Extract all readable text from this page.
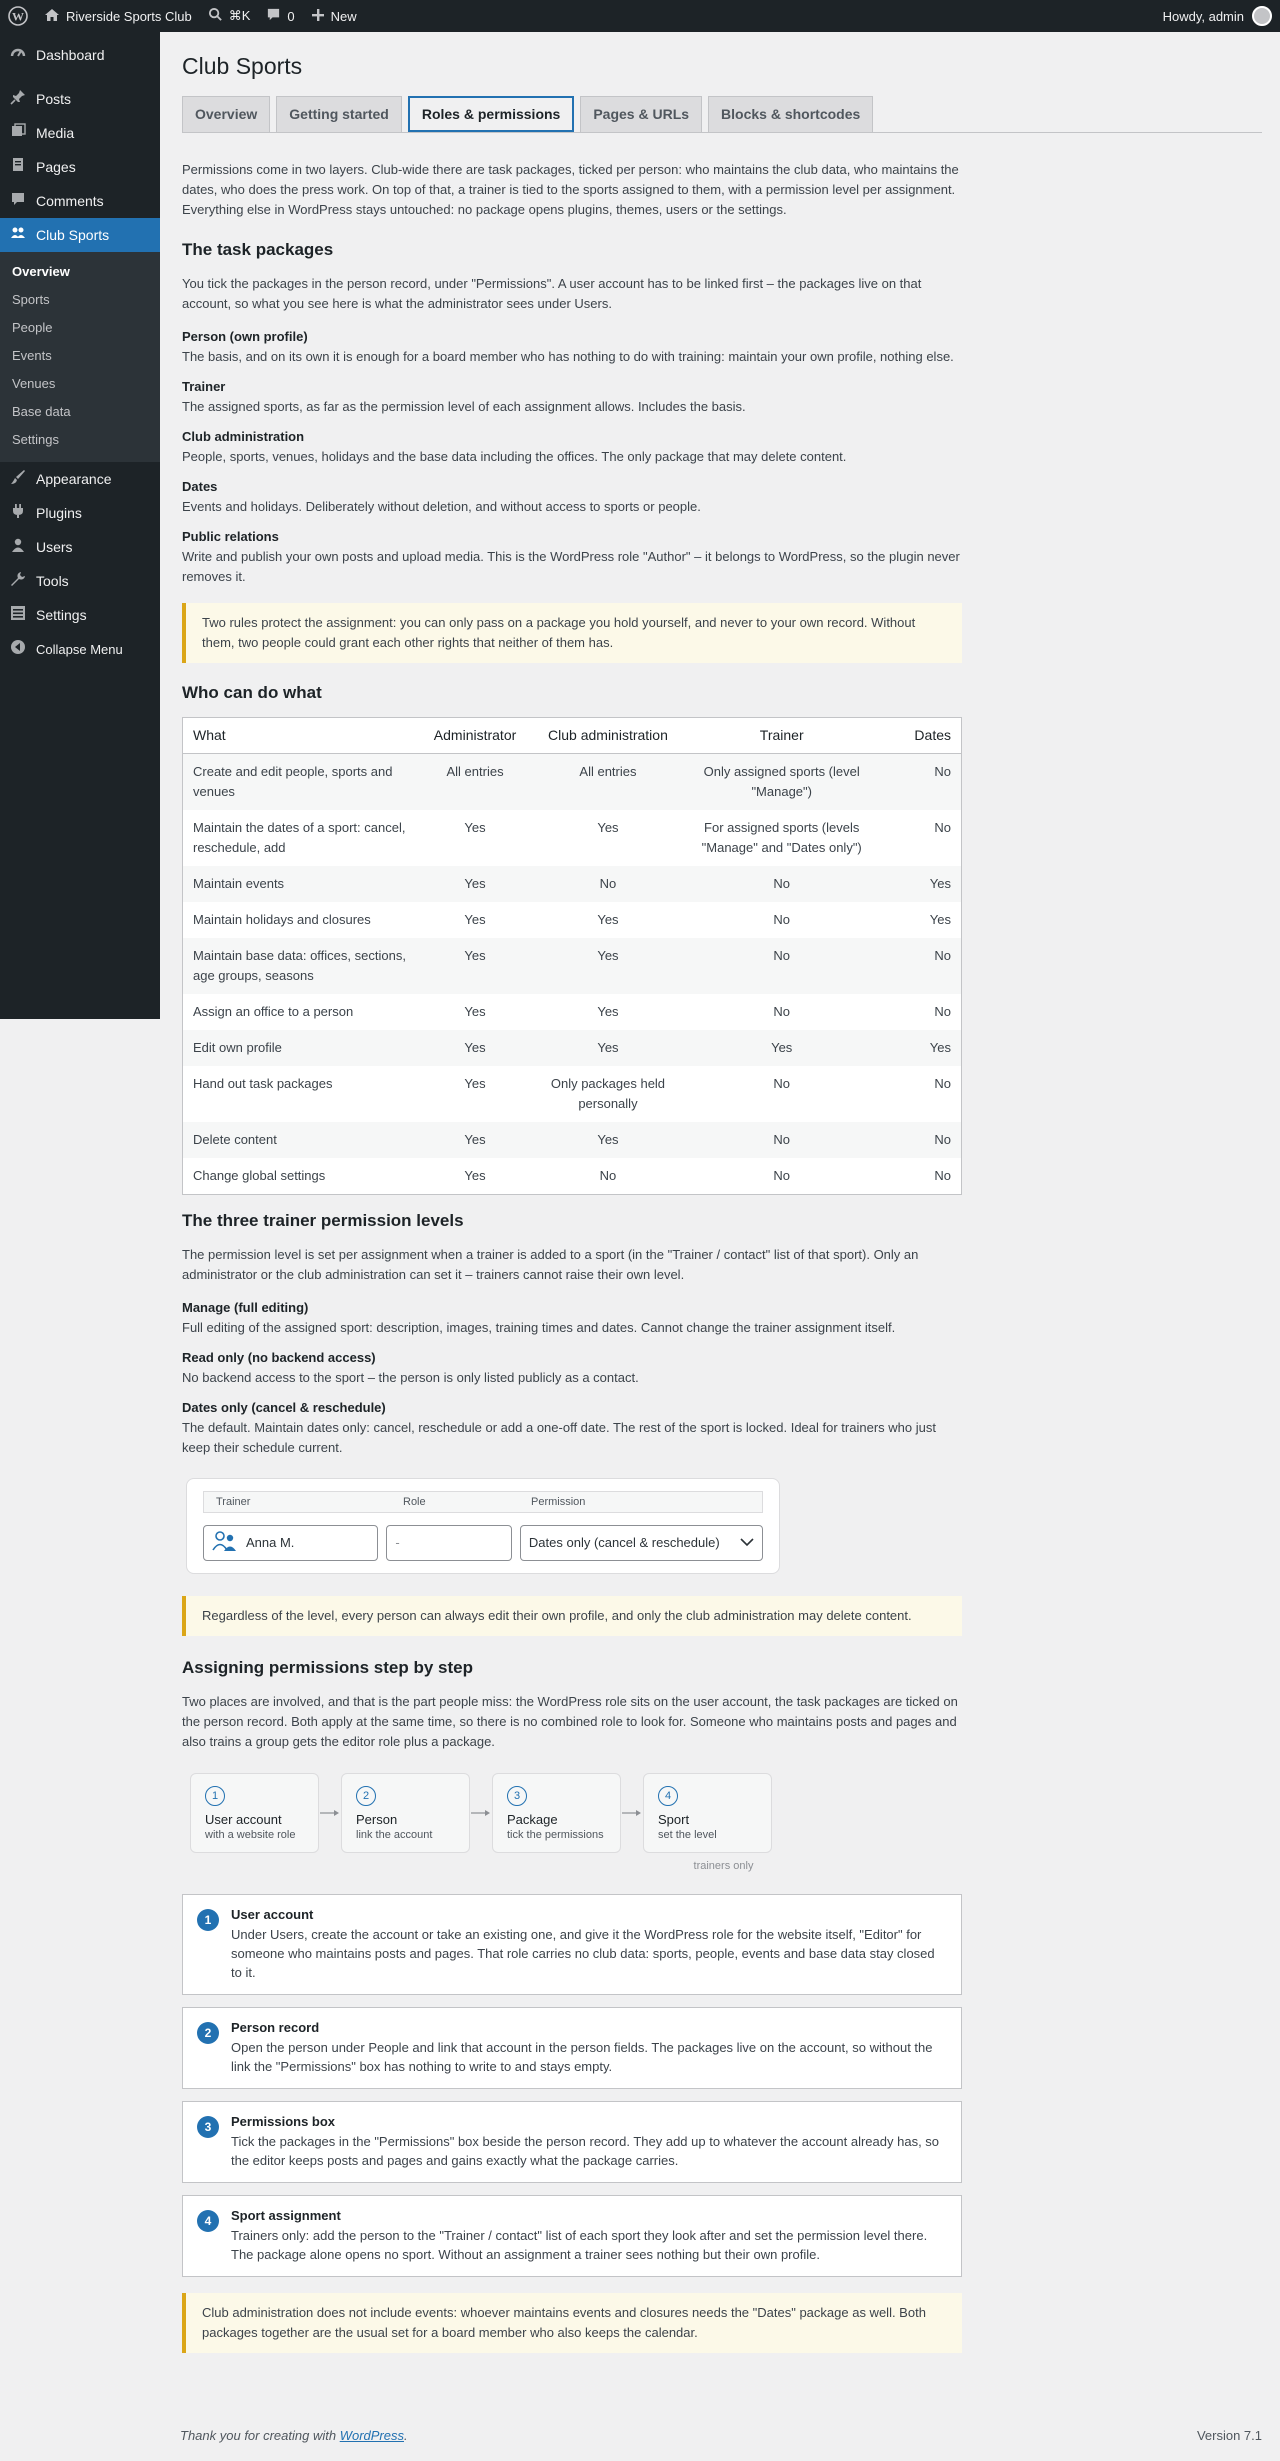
W	Riverside Sports Club	⌘K	0	New	Howdy, admin
Dashboard
Posts
Media
Pages
Comments
Club Sports
Overview
Sports
People
Events
Venues
Base data
Settings
Appearance
Plugins
Users
Tools
Settings
Collapse Menu
Club Sports
Overview	Getting started	Roles & permissions	Pages & URLs	Blocks & shortcodes

Permissions come in two layers. Club-wide there are task packages, ticked per person: who maintains the club data, who maintains the dates, who does the press work. On top of that, a trainer is tied to the sports assigned to them, with a permission level per assignment. Everything else in WordPress stays untouched: no package opens plugins, themes, users or the settings.

The task packages

You tick the packages in the person record, under "Permissions". A user account has to be linked first – the packages live on that account, so what you see here is what the administrator sees under Users.

Person (own profile)

The basis, and on its own it is enough for a board member who has nothing to do with training: maintain your own profile, nothing else.

Trainer

The assigned sports, as far as the permission level of each assignment allows. Includes the basis.

Club administration

People, sports, venues, holidays and the base data including the offices. The only package that may delete content.

Dates

Events and holidays. Deliberately without deletion, and without access to sports or people.

Public relations

Write and publish your own posts and upload media. This is the WordPress role "Author" – it belongs to WordPress, so the plugin never removes it.

Two rules protect the assignment: you can only pass on a package you hold yourself, and never to your own record. Without them, two people could grant each other rights that neither of them has.
Who can do what
What	Administrator	Club administration	Trainer	Dates
Create and edit people, sports and venues	All entries	All entries	Only assigned sports (level "Manage")	No
Maintain the dates of a sport: cancel, reschedule, add	Yes	Yes	For assigned sports (levels "Manage" and "Dates only")	No
Maintain events	Yes	No	No	Yes
Maintain holidays and closures	Yes	Yes	No	Yes
Maintain base data: offices, sections, age groups, seasons	Yes	Yes	No	No
Assign an office to a person	Yes	Yes	No	No
Edit own profile	Yes	Yes	Yes	Yes
Hand out task packages	Yes	Only packages held personally	No	No
Delete content	Yes	Yes	No	No
Change global settings	Yes	No	No	No
The three trainer permission levels

The permission level is set per assignment when a trainer is added to a sport (in the "Trainer / contact" list of that sport). Only an administrator or the club administration can set it – trainers cannot raise their own level.

Manage (full editing)

Full editing of the assigned sport: description, images, training times and dates. Cannot change the trainer assignment itself.

Read only (no backend access)

No backend access to the sport – the person is only listed publicly as a contact.

Dates only (cancel & reschedule)

The default. Maintain dates only: cancel, reschedule or add a one-off date. The rest of the sport is locked. Ideal for trainers who just keep their schedule current.

Trainer	Role	Permission
Anna M.	-	Dates only (cancel & reschedule)
Regardless of the level, every person can always edit their own profile, and only the club administration may delete content.
Assigning permissions step by step

Two places are involved, and that is the part people miss: the WordPress role sits on the user account, the task packages are ticked on the person record. Both apply at the same time, so there is no combined role to look for. Someone who maintains posts and pages and also trains a group gets the editor role plus a package.

1
User account
with a website role
2
Person
link the account
3
Package
tick the permissions
4
Sport
set the level
trainers only
1	User account
Under Users, create the account or take an existing one, and give it the WordPress role for the website itself, "Editor" for someone who maintains posts and pages. That role carries no club data: sports, people, events and base data stay closed to it.
2	Person record
Open the person under People and link that account in the person fields. The packages live on the account, so without the link the "Permissions" box has nothing to write to and stays empty.
3	Permissions box
Tick the packages in the "Permissions" box beside the person record. They add up to whatever the account already has, so the editor keeps posts and pages and gains exactly what the package carries.
4	Sport assignment
Trainers only: add the person to the "Trainer / contact" list of each sport they look after and set the permission level there. The package alone opens no sport. Without an assignment a trainer sees nothing but their own profile.
Club administration does not include events: whoever maintains events and closures needs the "Dates" package as well. Both packages together are the usual set for a board member who also keeps the calendar.
Thank you for creating with WordPress.	Version 7.1
